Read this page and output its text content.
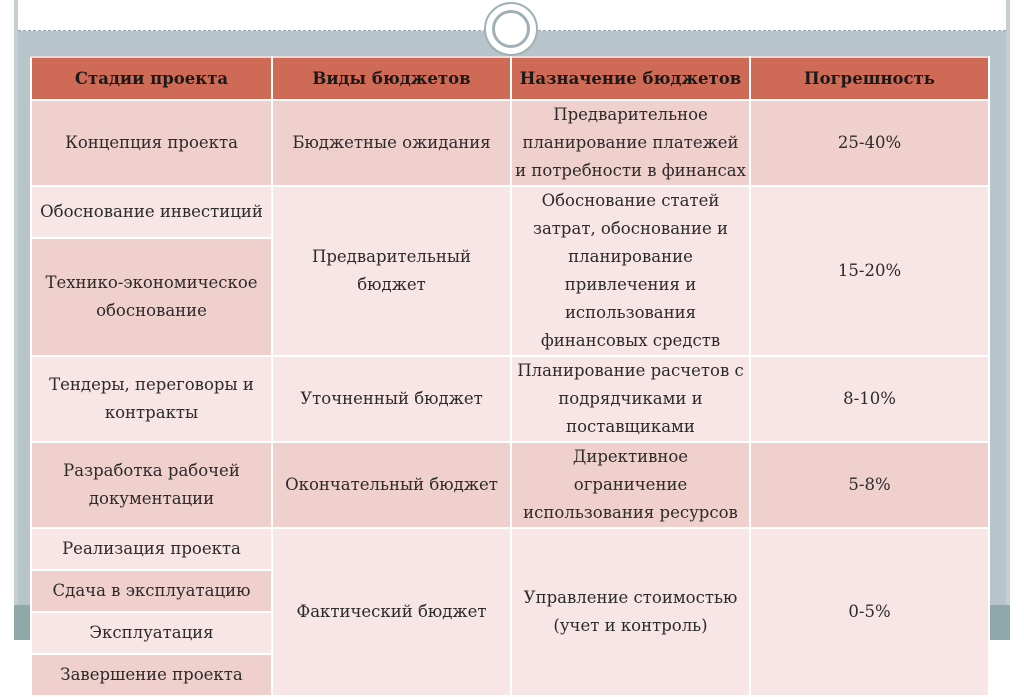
Стадии проекта	Виды бюджетов	Назначение бюджетов	Погрешность
Концепция проекта	Бюджетные ожидания	Предварительное планирование платежей и потребности в финансах	25-40%
Обоснование инвестиций	Предварительный бюджет	Обоснование статей затрат, обоснование и планирование привлечения и использования финансовых средств	15-20%
Технико-экономическое обоснование			
Тендеры, переговоры и контракты	Уточненный бюджет	Планирование расчетов с подрядчиками и поставщиками	8-10%
Разработка рабочей документации	Окончательный бюджет	Директивное ограничение использования ресурсов	5-8%
Реализация проекта	Фактический бюджет	Управление стоимостью (учет и контроль)	0-5%
Сдача в эксплуатацию			
Эксплуатация			
Завершение проекта			
